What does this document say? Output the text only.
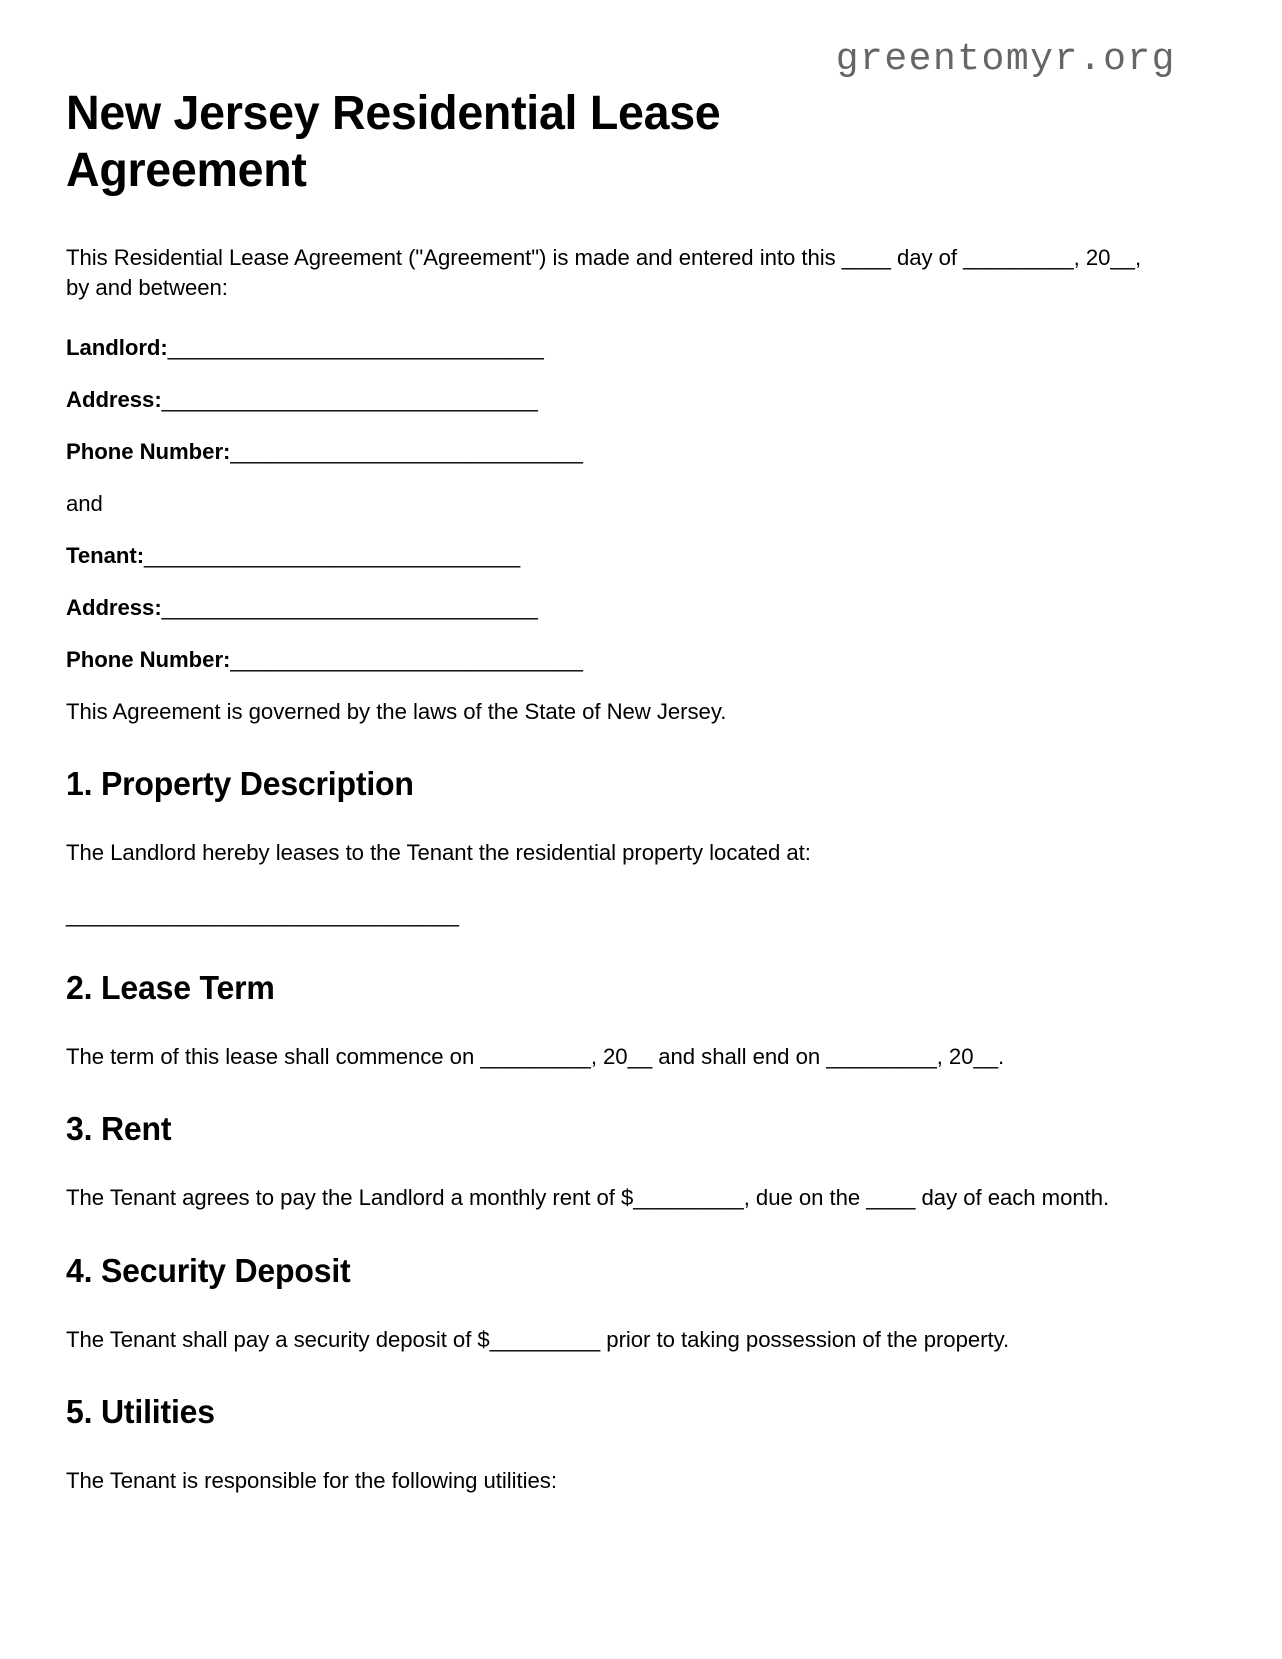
greentomyr.org
New Jersey Residential Lease Agreement

This Residential Lease Agreement ("Agreement") is made and entered into this ____ day of _________, 20__, by and between:

Landlord:________________________________

Address:________________________________

Phone Number:______________________________

and

Tenant:________________________________

Address:________________________________

Phone Number:______________________________

This Agreement is governed by the laws of the State of New Jersey.

1. Property Description

The Landlord hereby leases to the Tenant the residential property located at:

________________________________

2. Lease Term

The term of this lease shall commence on _________, 20__ and shall end on _________, 20__.

3. Rent

The Tenant agrees to pay the Landlord a monthly rent of $_________, due on the ____ day of each month.

4. Security Deposit

The Tenant shall pay a security deposit of $_________ prior to taking possession of the property.

5. Utilities

The Tenant is responsible for the following utilities:
